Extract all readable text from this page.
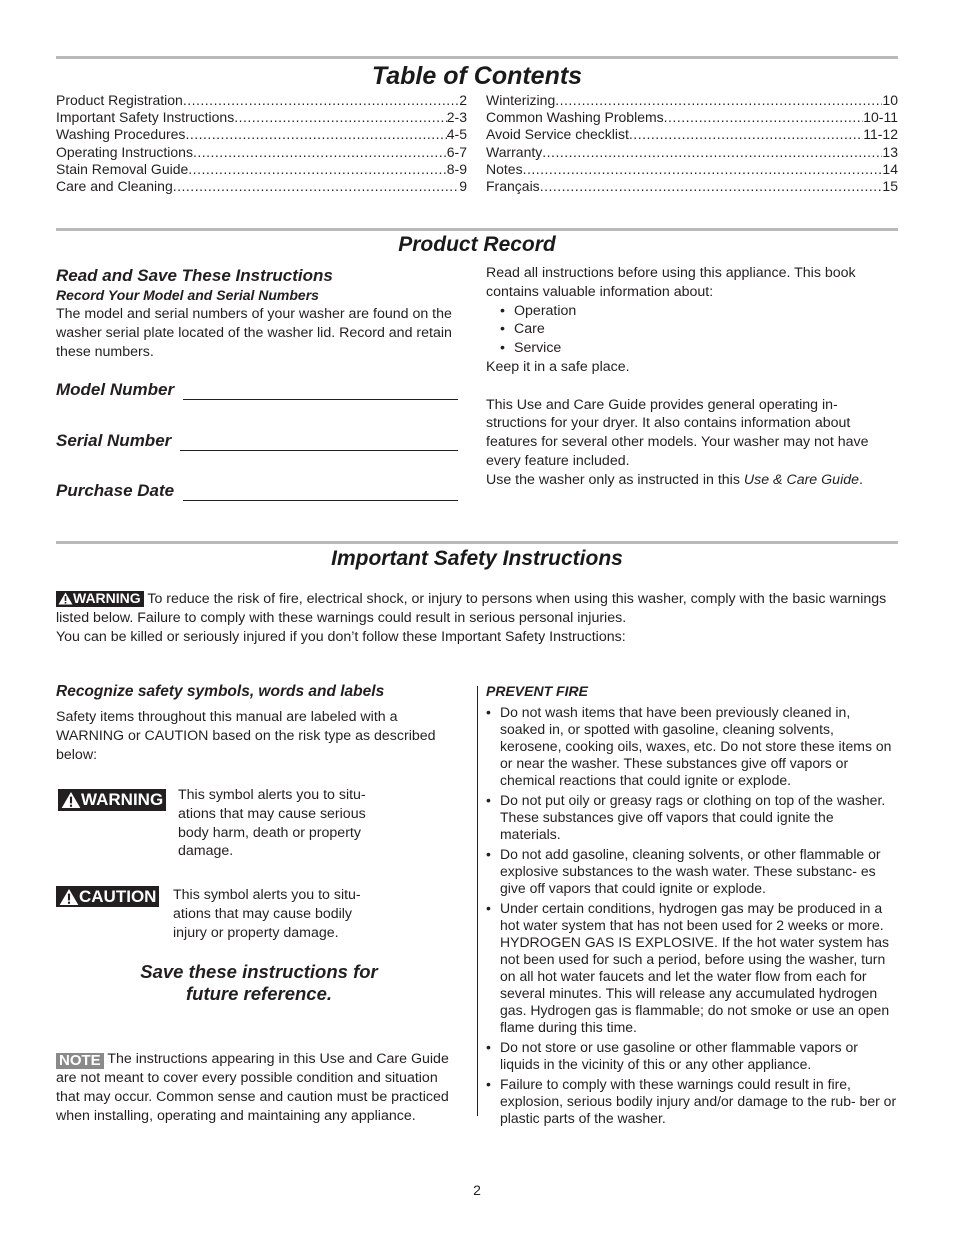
Table of Contents
Product Registration .....	2
Important Safety Instructions .....	2-3
Washing Procedures .....	4-5
Operating Instructions .....	6-7
Stain Removal Guide .....	8-9
Care and Cleaning .....	9
Winterizing .....	10
Common Washing Problems .....	10-11
Avoid Service checklist .....	11-12
Warranty .....	13
Notes .....	14
Français .....	15
Product Record
Read and Save These Instructions
Record Your Model and Serial Numbers
The model and serial numbers of your washer are found on the washer serial plate located of the washer lid. Record and retain these numbers.
Model Number
Serial Number
Purchase Date

Read all instructions before using this appliance. This book contains valuable information about:

• Operation
• Care
• Service

Keep it in a safe place.

This Use and Care Guide provides general operating in- structions for your dryer. It also contains information about features for several other models. Your washer may not have every feature included.

Use the washer only as instructed in this Use & Care Guide.

Important Safety Instructions

WARNING To reduce the risk of fire, electrical shock, or injury to persons when using this washer, comply with the basic warnings listed below. Failure to comply with these warnings could result in serious personal injuries.

You can be killed or seriously injured if you don’t follow these Important Safety Instructions:

Recognize safety symbols, words and labels
Safety items throughout this manual are labeled with a WARNING or CAUTION based on the risk type as described below:
WARNING This symbol alerts you to situ- ations that may cause serious body harm, death or property damage.
CAUTION This symbol alerts you to situ- ations that may cause bodily injury or property damage.
Save these instructions for
future reference.
NOTE The instructions appearing in this Use and Care Guide are not meant to cover every possible condition and situation that may occur. Common sense and caution must be practiced when installing, operating and maintaining any appliance.
PREVENT FIRE
• Do not wash items that have been previously cleaned in, soaked in, or spotted with gasoline, cleaning solvents, kerosene, cooking oils, waxes, etc. Do not store these items on or near the washer. These substances give off vapors or chemical reactions that could ignite or explode.
• Do not put oily or greasy rags or clothing on top of the washer. These substances give off vapors that could ignite the materials.
• Do not add gasoline, cleaning solvents, or other flammable or explosive substances to the wash water. These substanc- es give off vapors that could ignite or explode.
• Under certain conditions, hydrogen gas may be produced in a hot water system that has not been used for 2 weeks or more. HYDROGEN GAS IS EXPLOSIVE. If the hot water system has not been used for such a period, before using the washer, turn on all hot water faucets and let the water flow from each for several minutes. This will release any accumulated hydrogen gas. Hydrogen gas is flammable; do not smoke or use an open flame during this time.
• Do not store or use gasoline or other flammable vapors or liquids in the vicinity of this or any other appliance.
• Failure to comply with these warnings could result in fire, explosion, serious bodily injury and/or damage to the rub- ber or plastic parts of the washer.
2
